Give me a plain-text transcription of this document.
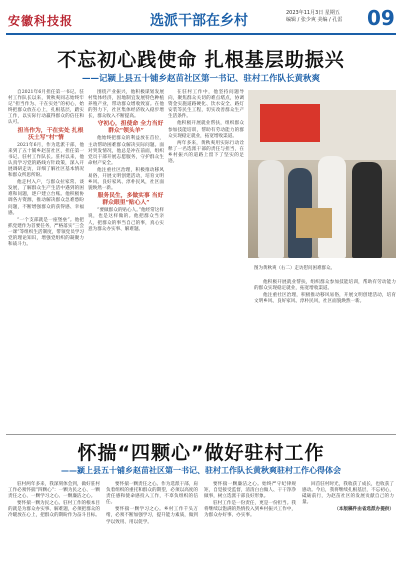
安徽科技报	选派干部在乡村	2023年11月3日 星期五
编辑 / 张少爽 美编 / 孔雷 09
不忘初心践使命 扎根基层助振兴
——记颍上县五十铺乡赵苗社区第一书记、驻村工作队长黄秋爽

自2021年6月担任第一书记、驻村工作队长以来，黄秋爽同志始终牢记“担当作为、干在实处”的初心，始终把群众放在心上，扎根基层，踏实工作，以实际行动赢得群众的信任和认可。

担当作为，干在实处 扎根沃土写“村”情

2021年6月，作为选派干部，他来到了五十铺乡赵苗社区，担任第一书记、驻村工作队长。驻村以来，他认真学习党的路线方针政策，深入开展调研走访，详细了解社区基本情况和群众所思所盼。

他走村入户，与群众拉家常、谈发展，了解群众生产生活中遇到的困难和问题，逐户建立台账。他积极协调各方资源，推动解决群众急难愁盼问题，不断增强群众的获得感、幸福感。

“一个支部就是一座堡垒”。他把抓党建作为首要任务，严格落实“三会一课”等组织生活制度，带领党员学习党的理论知识，增强党组织的凝聚力和战斗力。

围绕产业振兴，他积极谋划发展村集体经济，因地制宜发展特色种植养殖产业，带动群众增收致富。在他的努力下，社区集体经济收入稳步增长，群众收入不断提高。

守初心，担使命 全力当好群众“领头羊”

他始终把群众的利益放在首位，主动帮助困难群众解决实际问题。面对突发情况，他总是冲在前面，组织党员干部开展志愿服务，守护群众生命财产安全。

他注重社区治理，积极推动移风易俗，开展文明创建活动，培育文明乡风、良好家风、淳朴民风，社区面貌焕然一新。

服务民生，多做实事 当好群众眼里“贴心人”

“要做群众的贴心人。”他经常这样说，也是这样做的。他把群众当亲人，把群众的事当自己的事，真心实意为群众办实事、解难题。

在驻村工作中，他坚持问题导向，聚焦群众关切的难点堵点，协调资金实施道路硬化、饮水安全、路灯安装等民生工程，切实改善群众生产生活条件。

他积极开展就业帮扶，组织群众参加技能培训，帮助有劳动能力的群众实现稳定就业，拓宽增收渠道。

两年多来，黄秋爽用实际行动诠释了一名选派干部的责任与担当，在乡村振兴的道路上留下了坚实的足迹。

图为黄秋爽（右二）走访慰问困难群众。

他积极开展就业帮扶，组织群众参加技能培训，帮助有劳动能力的群众实现稳定就业，拓宽增收渠道。

他注重社区治理，积极推动移风易俗，开展文明创建活动，培育文明乡风、良好家风、淳朴民风，社区面貌焕然一新。

怀揣“四颗心”做好驻村工作
——颍上县五十铺乡赵苗社区第一书记、驻村工作队长黄秋爽驻村工作心得体会

驻村两年多来，我深刻体会到，做好驻村工作必须怀揣“四颗心”：一颗为民之心、一颗责任之心、一颗学习之心、一颗廉洁之心。

要怀揣一颗为民之心。驻村工作的根本目的就是为群众办实事、解难题，必须把群众的冷暖放在心上，把群众的期盼作为奋斗目标。

要怀揣一颗责任之心。作为选派干部，肩负着组织的重托和群众的期望，必须以高度的责任感和使命感投入工作，不辜负组织的信任。

要怀揣一颗学习之心。乡村工作千头万绪，必须不断加强学习，提升能力素质，做到学以致用、用以促学。

要怀揣一颗廉洁之心。始终严守纪律规矩，自觉接受监督，清清白白做人、干干净净做事，树立选派干部良好形象。

驻村工作是一份责任，更是一份担当。我将继续以饱满的热情投入到乡村振兴工作中，为群众办好事、办实事。

回首驻村时光，我收获了成长，也收获了感动。今后，我将继续扎根基层，不忘初心，砥砺前行，为赵苗社区的发展贡献自己的力量。

（本版稿件由省选派办提供）
